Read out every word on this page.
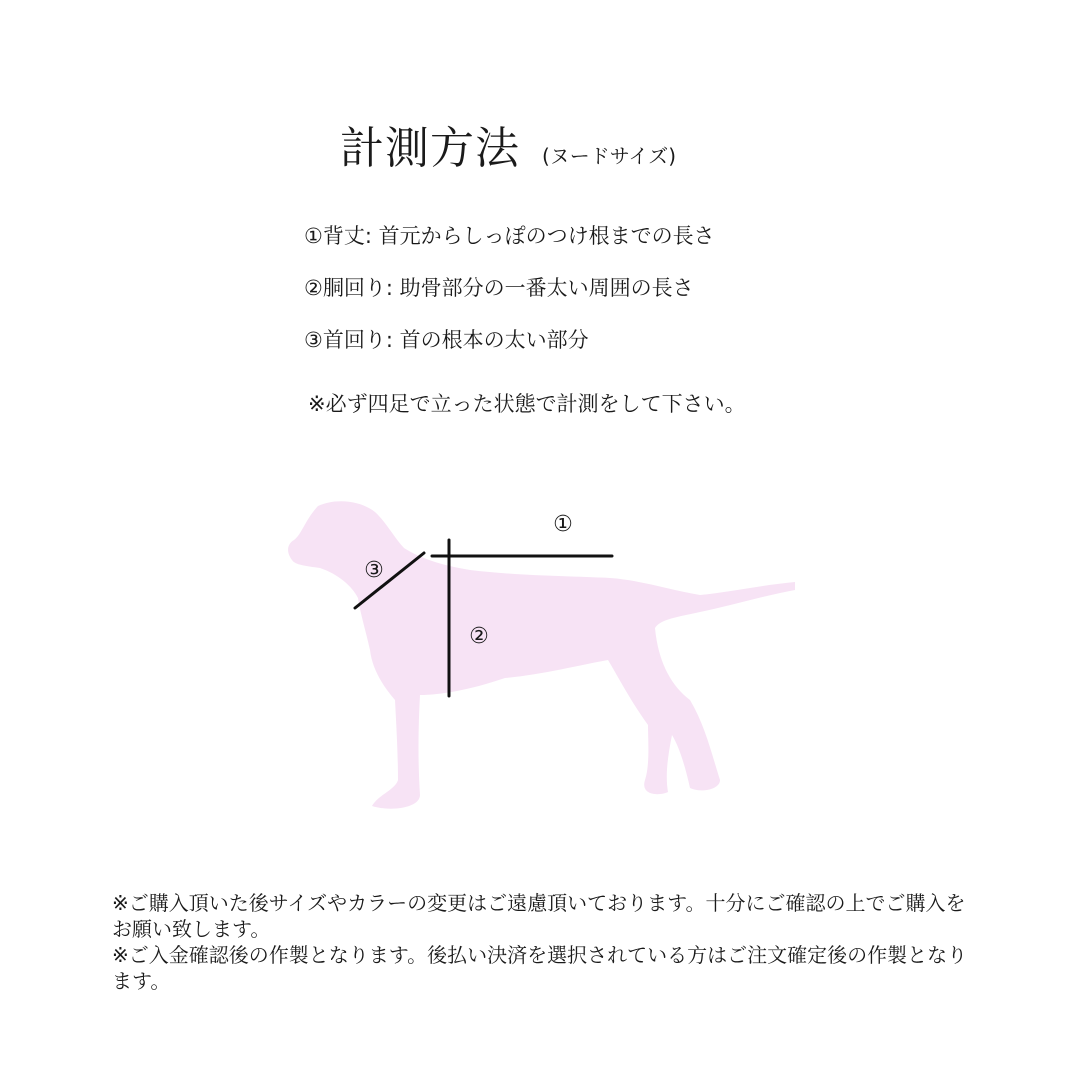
計測方法 (ヌードサイズ)
①背丈: 首元からしっぽのつけ根までの長さ
②胴回り: 助骨部分の一番太い周囲の長さ
③首回り: 首の根本の太い部分
※必ず四足で立った状態で計測をして下さい。
①
②
③

※ご購入頂いた後サイズやカラーの変更はご遠慮頂いております。十分にご確認の上でご購入をお願い致します。

※ご入金確認後の作製となります。後払い決済を選択されている方はご注文確定後の作製となります。
